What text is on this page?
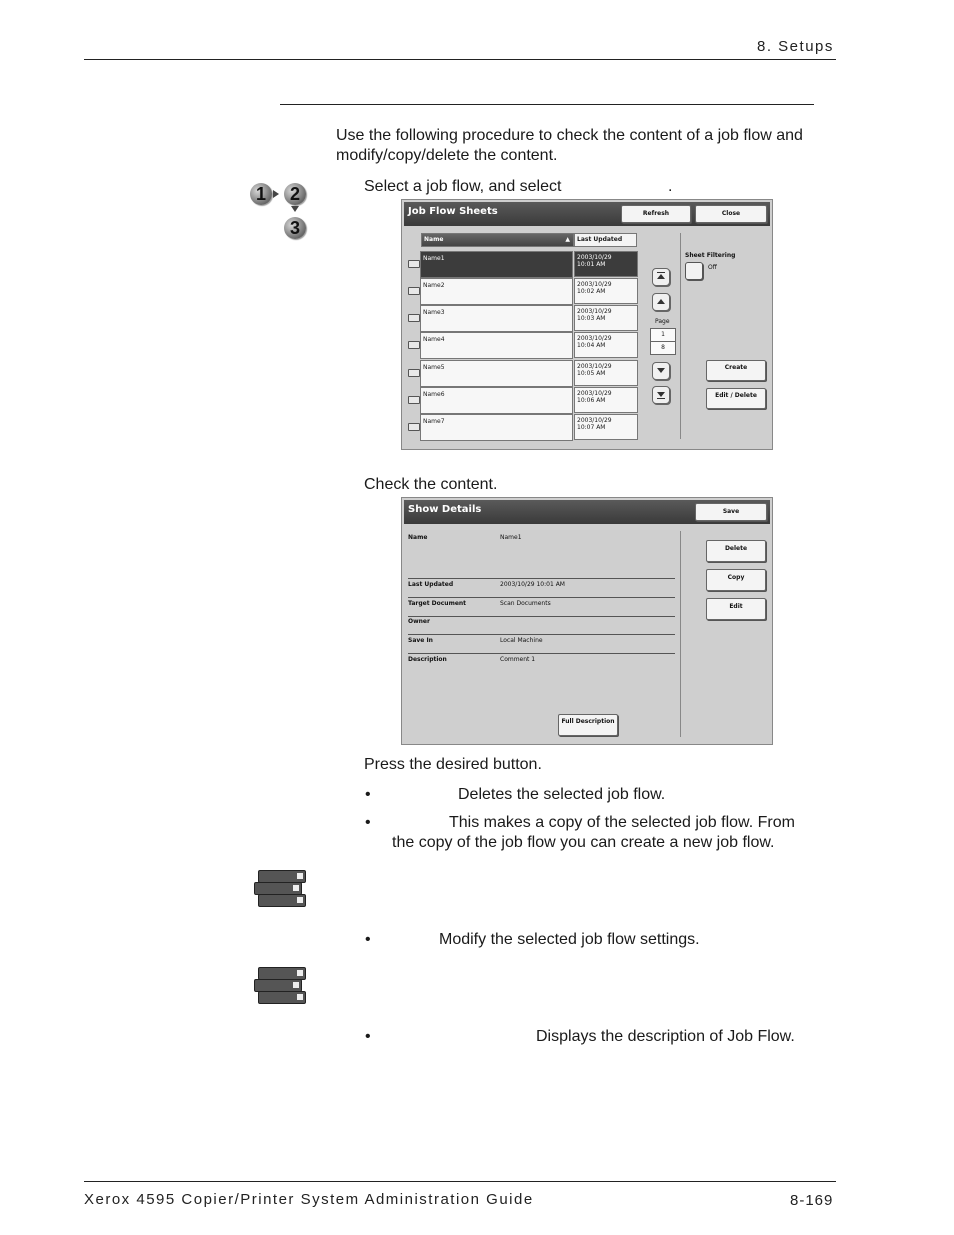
8. Setups
Use the following procedure to check the content of a job flow and modify/copy/delete the content.
1	2
3
Select a job flow, and select	.
Job Flow Sheets	Refresh	Close
Name	▲	Last Updated
Name1	2003/10/29
10:01 AM
Name2	2003/10/29
10:02 AM
Name3	2003/10/29
10:03 AM
Name4	2003/10/29
10:04 AM
Name5	2003/10/29
10:05 AM
Name6	2003/10/29
10:06 AM
Name7	2003/10/29
10:07 AM
Page
1
8
Sheet Filtering
Off
Create
Edit / Delete
Check the content.
Show Details	Save
Name	Name1
Last Updated	2003/10/29 10:01 AM
Target Document	Scan Documents
Owner
Save In	Local Machine
Description	Comment 1
Delete
Copy
Edit
Full Description
Press the desired button.
•	Deletes the selected job flow.
•	This makes a copy of the selected job flow. From
the copy of the job flow you can create a new job flow.
•	Modify the selected job flow settings.
•	Displays the description of Job Flow.
Xerox 4595 Copier/Printer System Administration Guide	8-169
